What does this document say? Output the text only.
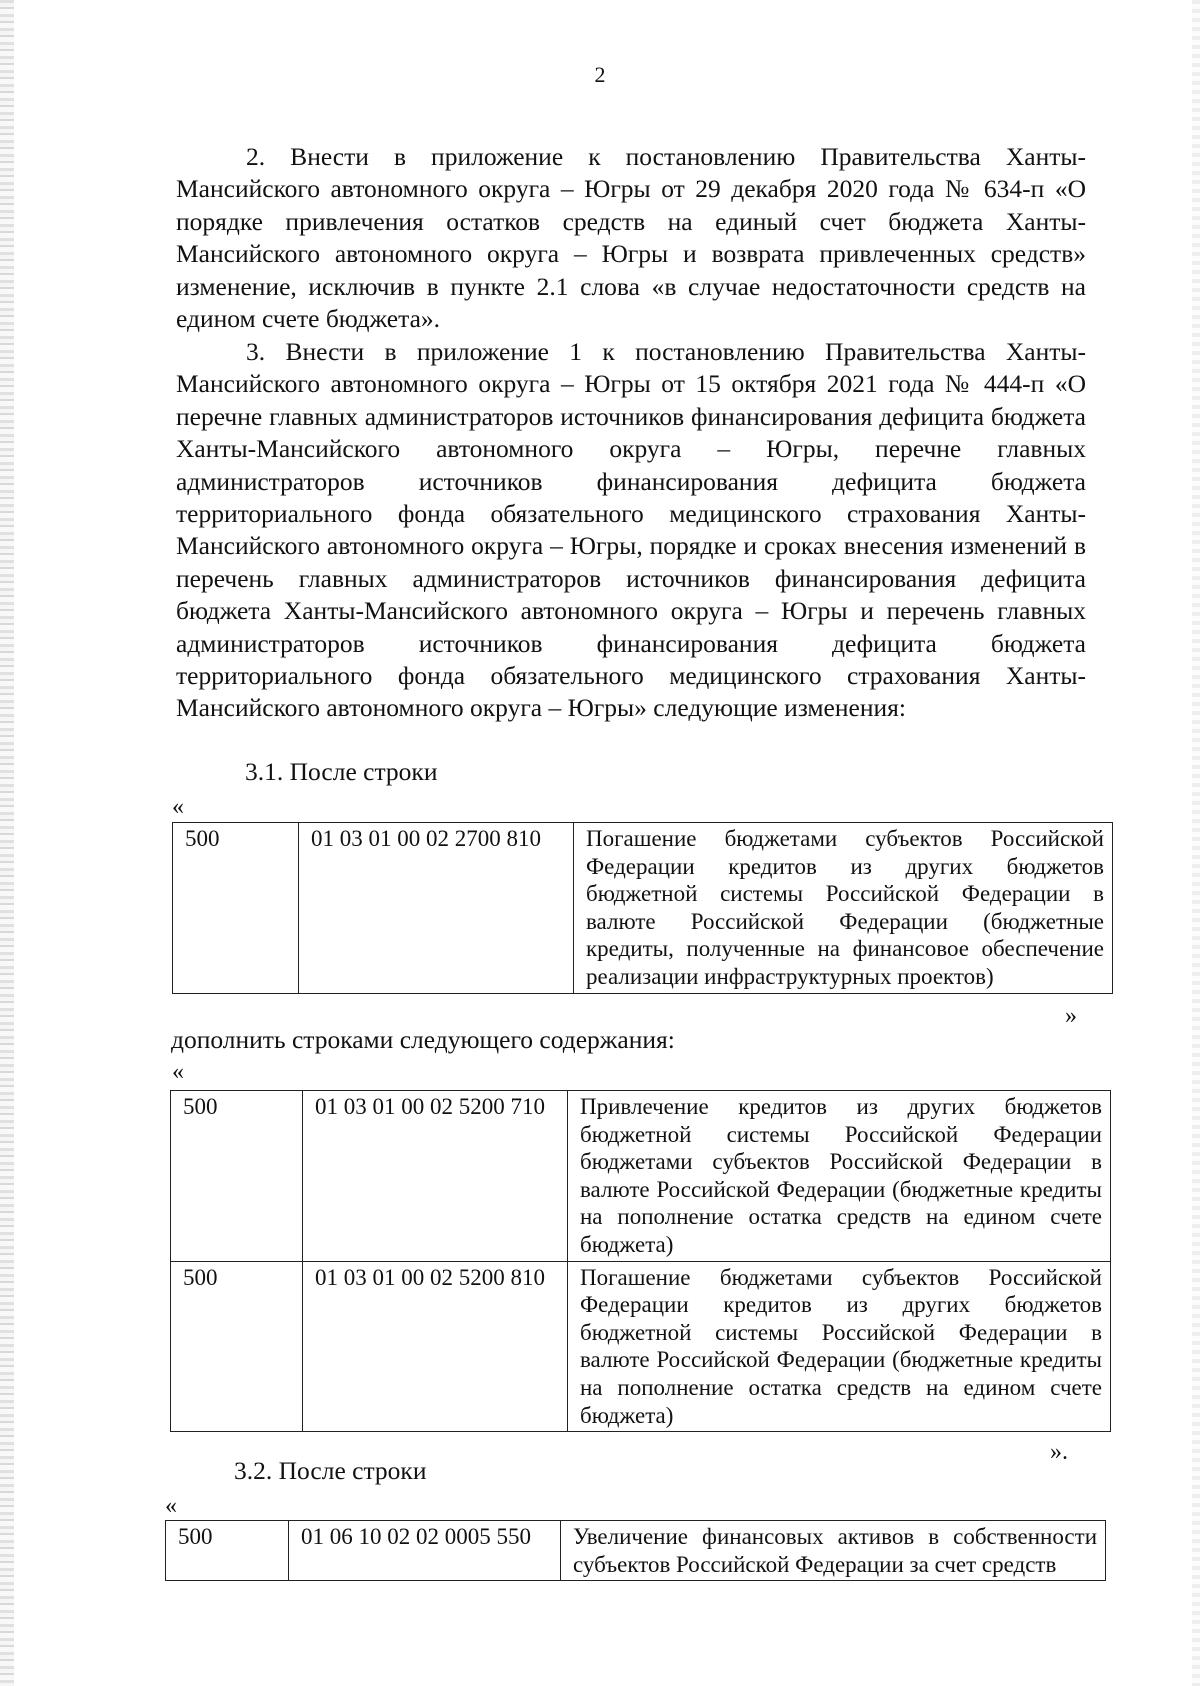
2

2. Внести в приложение к постановлению Правительства Ханты-Мансийского автономного округа – Югры от 29 декабря 2020 года № 634-п «О порядке привлечения остатков средств на единый счет бюджета Ханты-Мансийского автономного округа – Югры и возврата привлеченных средств» изменение, исключив в пункте 2.1 слова «в случае недостаточности средств на едином счете бюджета».

3. Внести в приложение 1 к постановлению Правительства Ханты-Мансийского автономного округа – Югры от 15 октября 2021 года № 444-п «О перечне главных администраторов источников финансирования дефицита бюджета Ханты-Мансийского автономного округа – Югры, перечне главных администраторов источников финансирования дефицита бюджета территориального фонда обязательного медицинского страхования Ханты-Мансийского автономного округа – Югры, порядке и сроках внесения изменений в перечень главных администраторов источников финансирования дефицита бюджета Ханты-Мансийского автономного округа – Югры и перечень главных администраторов источников финансирования дефицита бюджета территориального фонда обязательного медицинского страхования Ханты-Мансийского автономного округа – Югры» следующие изменения:

3.1. После строки
«
500	01 03 01 00 02 2700 810	Погашение бюджетами субъектов Российской Федерации кредитов из других бюджетов бюджетной системы Российской Федерации в валюте Российской Федерации (бюджетные кредиты, полученные на финансовое обеспечение реализации инфраструктурных проектов)
»
дополнить строками следующего содержания:
«
500	01 03 01 00 02 5200 710	Привлечение кредитов из других бюджетов бюджетной системы Российской Федерации бюджетами субъектов Российской Федерации в валюте Российской Федерации (бюджетные кредиты на пополнение остатка средств на едином счете бюджета)
500	01 03 01 00 02 5200 810	Погашение бюджетами субъектов Российской Федерации кредитов из других бюджетов бюджетной системы Российской Федерации в валюте Российской Федерации (бюджетные кредиты на пополнение остатка средств на едином счете бюджета)
».
3.2. После строки
«
500	01 06 10 02 02 0005 550	Увеличение финансовых активов в собственности субъектов Российской Федерации за счет средств
